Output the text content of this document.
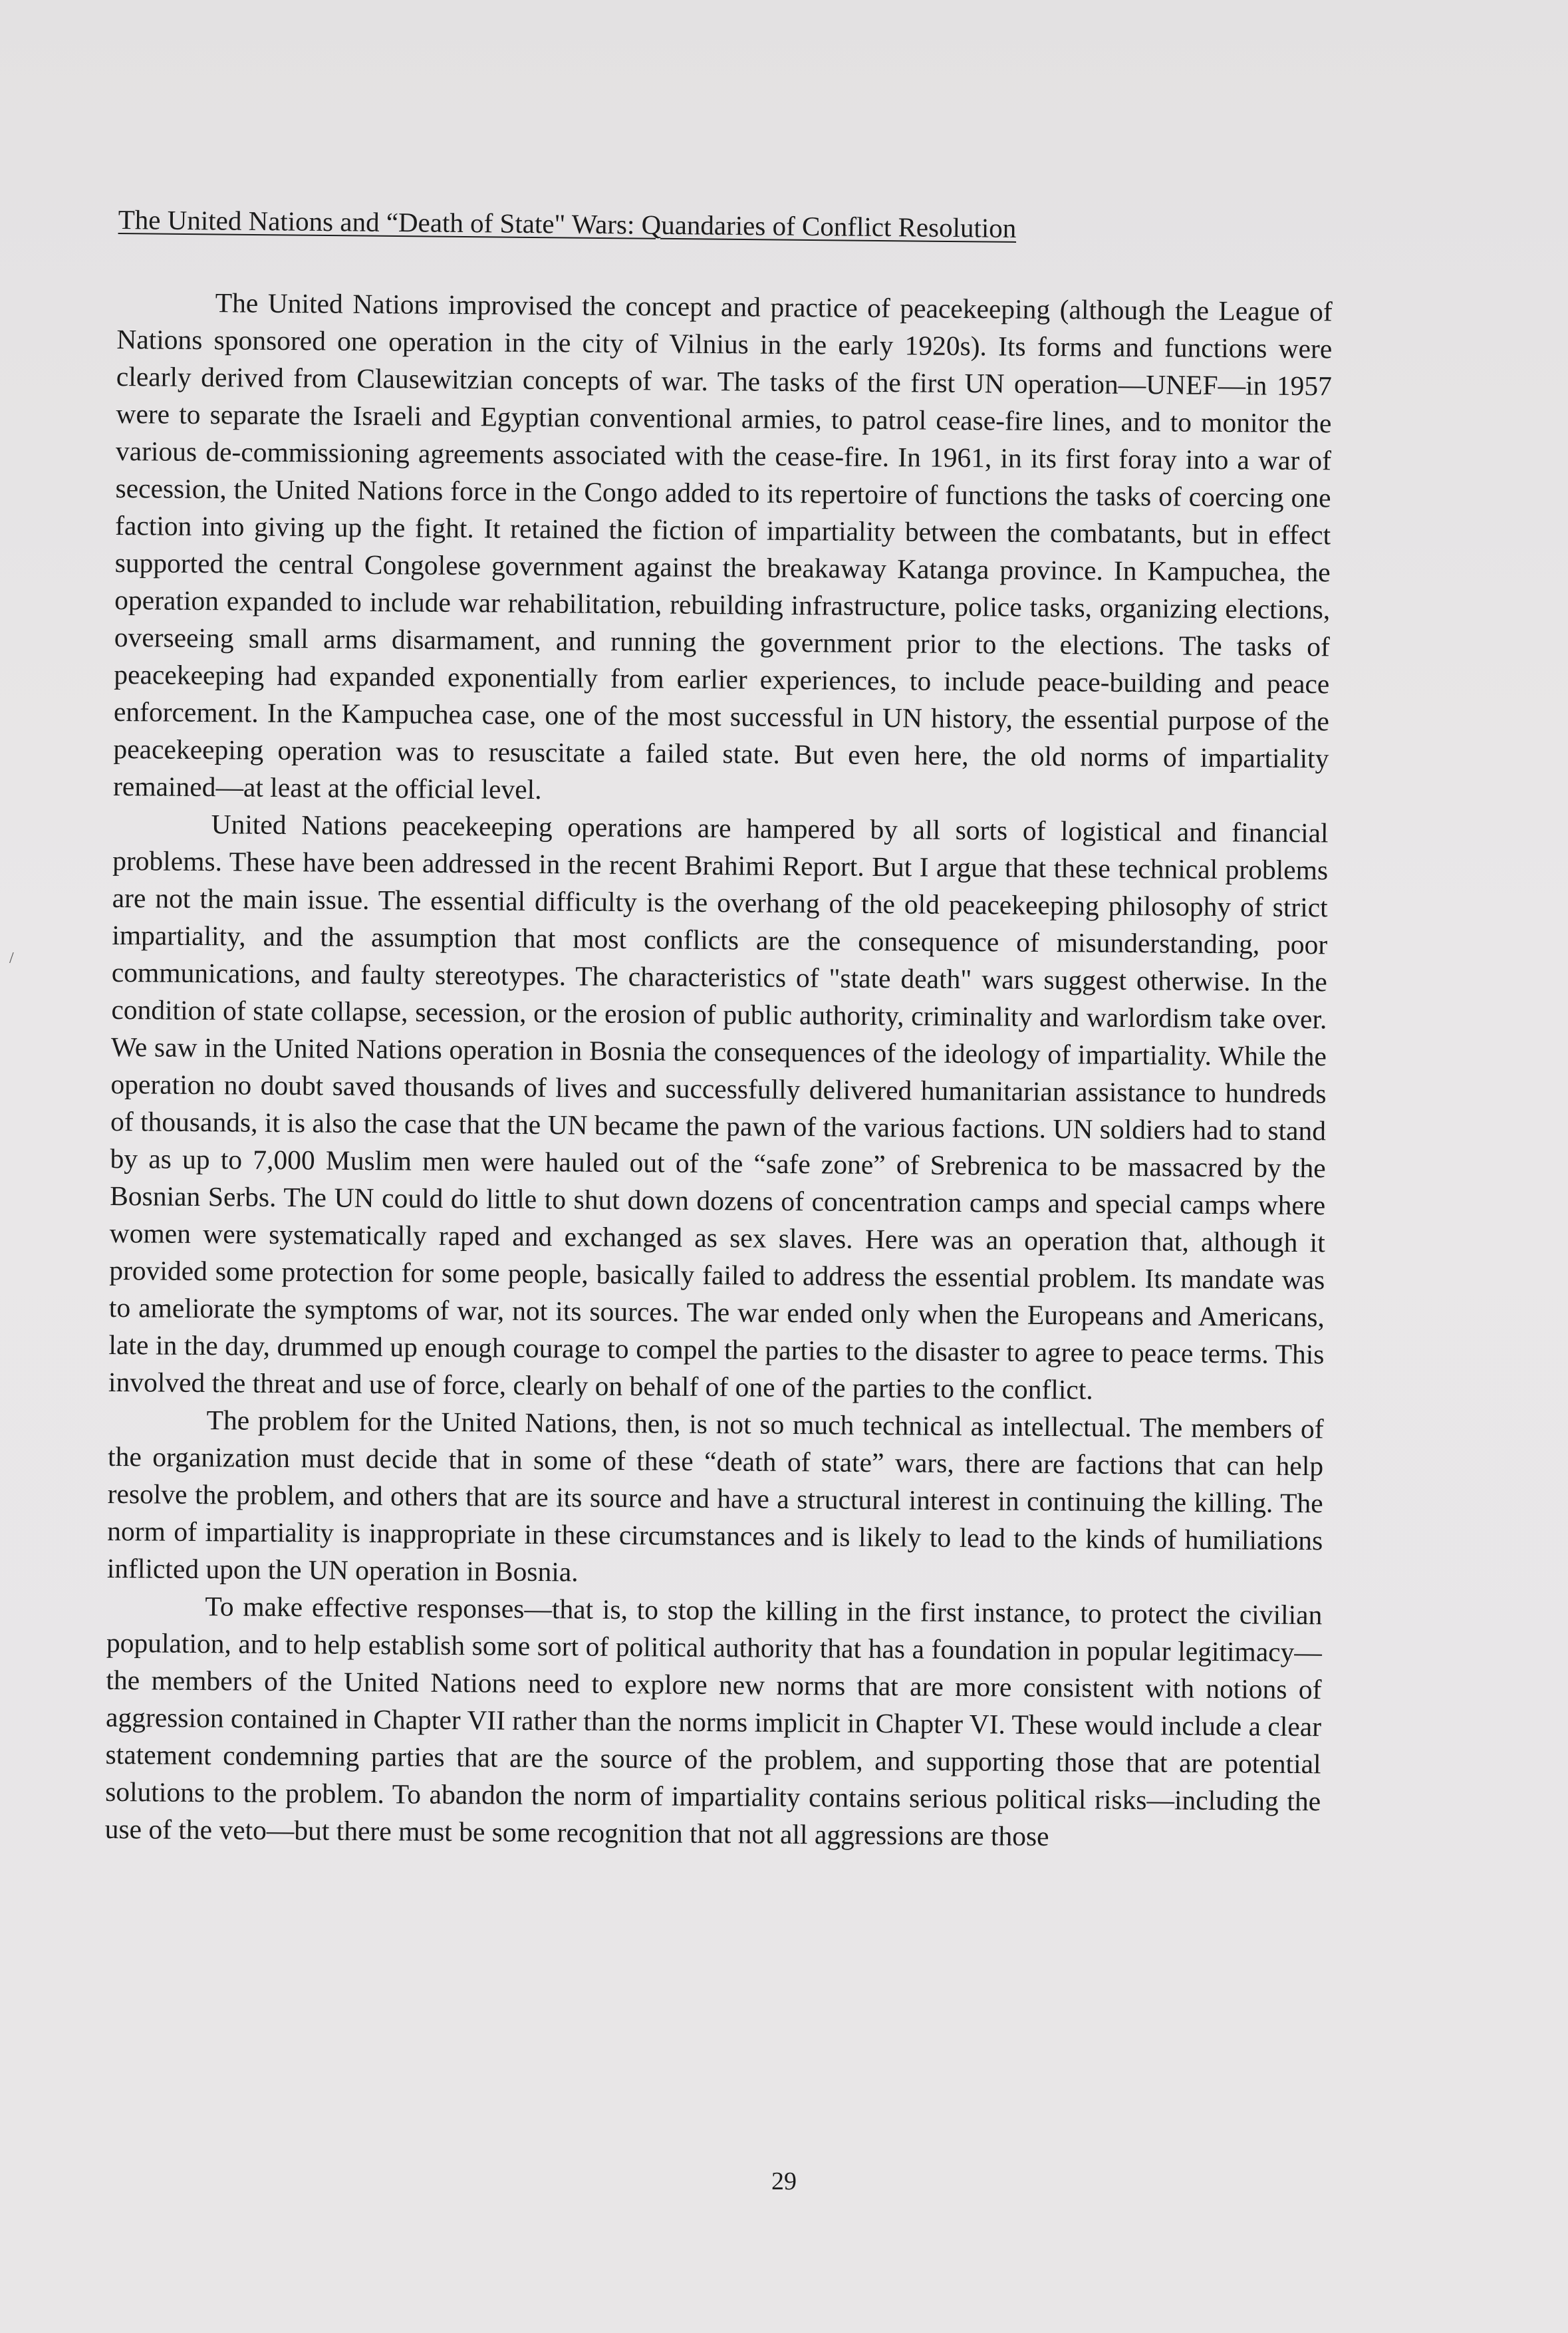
/
The United Nations and “Death of State" Wars: Quandaries of Conflict Resolution

The United Nations improvised the concept and practice of peacekeeping (although the League of Nations sponsored one operation in the city of Vilnius in the early 1920s). Its forms and functions were clearly derived from Clausewitzian concepts of war. The tasks of the first UN operation—UNEF—in 1957 were to separate the Israeli and Egyptian conventional armies, to patrol cease-fire lines, and to monitor the various de-commissioning agreements associated with the cease-fire. In 1961, in its first foray into a war of secession, the United Nations force in the Congo added to its repertoire of functions the tasks of coercing one faction into giving up the fight. It retained the fiction of impartiality between the combatants, but in effect supported the central Congolese government against the breakaway Katanga province. In Kampuchea, the operation expanded to include war rehabilitation, rebuilding infrastructure, police tasks, organizing elections, overseeing small arms disarmament, and running the government prior to the elections. The tasks of peacekeeping had expanded exponentially from earlier experiences, to include peace-building and peace enforcement. In the Kampuchea case, one of the most successful in UN history, the essential purpose of the peacekeeping operation was to resuscitate a failed state. But even here, the old norms of impartiality remained—at least at the official level.

United Nations peacekeeping operations are hampered by all sorts of logistical and financial problems. These have been addressed in the recent Brahimi Report. But I argue that these technical problems are not the main issue. The essential difficulty is the overhang of the old peacekeeping philosophy of strict impartiality, and the assumption that most conflicts are the consequence of misunderstanding, poor communications, and faulty stereotypes. The characteristics of "state death" wars suggest otherwise. In the condition of state collapse, secession, or the erosion of public authority, criminality and warlordism take over. We saw in the United Nations operation in Bosnia the consequences of the ideology of impartiality. While the operation no doubt saved thousands of lives and successfully delivered humanitarian assistance to hundreds of thousands, it is also the case that the UN became the pawn of the various factions. UN soldiers had to stand by as up to 7,000 Muslim men were hauled out of the “safe zone” of Srebrenica to be massacred by the Bosnian Serbs. The UN could do little to shut down dozens of concentration camps and special camps where women were systematically raped and exchanged as sex slaves. Here was an operation that, although it provided some protection for some people, basically failed to address the essential problem. Its mandate was to ameliorate the symptoms of war, not its sources. The war ended only when the Europeans and Americans, late in the day, drummed up enough courage to compel the parties to the disaster to agree to peace terms. This involved the threat and use of force, clearly on behalf of one of the parties to the conflict.

The problem for the United Nations, then, is not so much technical as intellectual. The members of the organization must decide that in some of these “death of state” wars, there are factions that can help resolve the problem, and others that are its source and have a structural interest in continuing the killing. The norm of impartiality is inappropriate in these circumstances and is likely to lead to the kinds of humiliations inflicted upon the UN operation in Bosnia.

To make effective responses—that is, to stop the killing in the first instance, to protect the civilian population, and to help establish some sort of political authority that has a foundation in popular legitimacy—the members of the United Nations need to explore new norms that are more consistent with notions of aggression contained in Chapter VII rather than the norms implicit in Chapter VI. These would include a clear statement condemning parties that are the source of the problem, and supporting those that are potential solutions to the problem. To abandon the norm of impartiality contains serious political risks—including the use of the veto—but there must be some recognition that not all aggressions are those

29
